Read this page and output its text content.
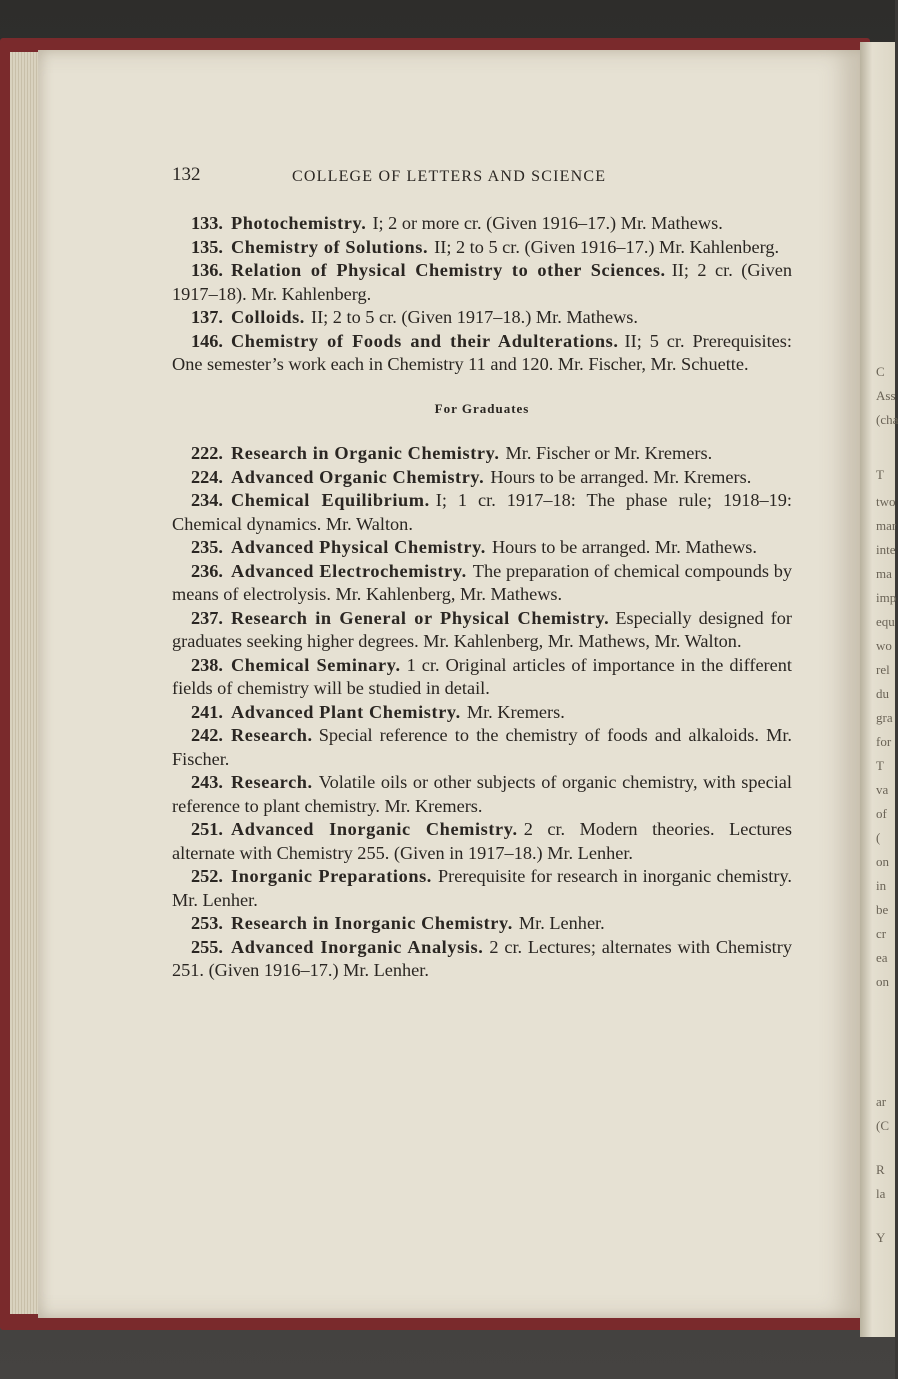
C
Ass
(cha
T
two
mar
inte
ma
imp
equ
wo
rel
du
gra
for
T
va
of
(
on
in
be
cr
ea
on
ar
(C
R
la
Y
132	COLLEGE OF LETTERS AND SCIENCE

133. Photochemistry. I; 2 or more cr. (Given 1916–17.) Mr. Mathews.

135. Chemistry of Solutions. II; 2 to 5 cr. (Given 1916–17.) Mr. Kahlenberg.

136. Relation of Physical Chemistry to other Sciences. II; 2 cr. (Given 1917–18). Mr. Kahlenberg.

137. Colloids. II; 2 to 5 cr. (Given 1917–18.) Mr. Mathews.

146. Chemistry of Foods and their Adulterations. II; 5 cr. Prerequisites: One semester’s work each in Chemistry 11 and 120. Mr. Fischer, Mr. Schuette.

For Graduates

222. Research in Organic Chemistry. Mr. Fischer or Mr. Kremers.

224. Advanced Organic Chemistry. Hours to be arranged. Mr. Kremers.

234. Chemical Equilibrium. I; 1 cr. 1917–18: The phase rule; 1918–19: Chemical dynamics. Mr. Walton.

235. Advanced Physical Chemistry. Hours to be arranged. Mr. Mathews.

236. Advanced Electrochemistry. The preparation of chemical compounds by means of electrolysis. Mr. Kahlenberg, Mr. Mathews.

237. Research in General or Physical Chemistry. Especially designed for graduates seeking higher degrees. Mr. Kahlenberg, Mr. Mathews, Mr. Walton.

238. Chemical Seminary. 1 cr. Original articles of importance in the different fields of chemistry will be studied in detail.

241. Advanced Plant Chemistry. Mr. Kremers.

242. Research. Special reference to the chemistry of foods and alkaloids. Mr. Fischer.

243. Research. Volatile oils or other subjects of organic chemistry, with special reference to plant chemistry. Mr. Kremers.

251. Advanced Inorganic Chemistry. 2 cr. Modern theories. Lectures alternate with Chemistry 255. (Given in 1917–18.) Mr. Lenher.

252. Inorganic Preparations. Prerequisite for research in inorganic chemistry. Mr. Lenher.

253. Research in Inorganic Chemistry. Mr. Lenher.

255. Advanced Inorganic Analysis. 2 cr. Lectures; alternates with Chemistry 251. (Given 1916–17.) Mr. Lenher.
